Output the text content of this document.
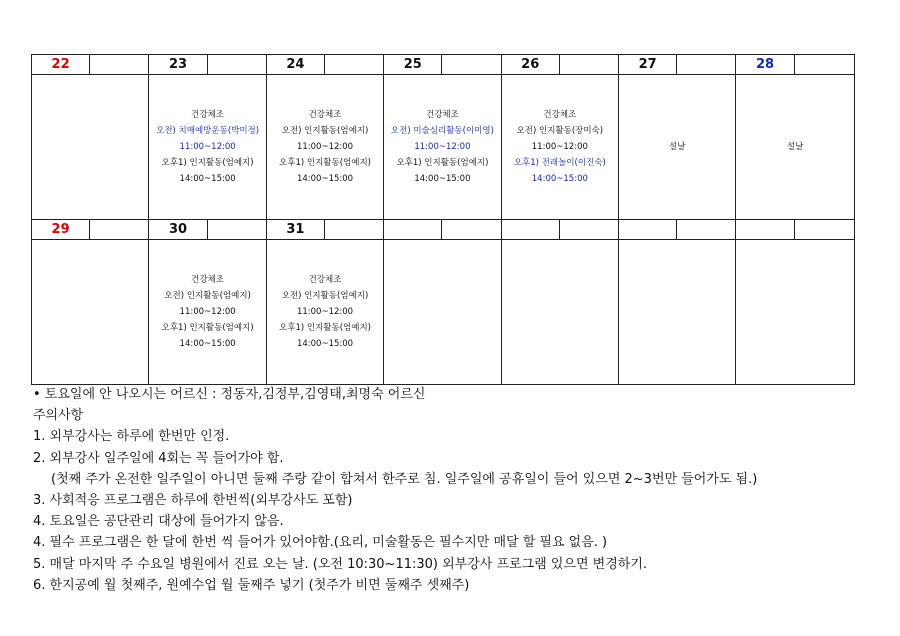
22		23		24		25		26		27		28	

		건강체조
오전) 치매예방운동(박미정)
11:00~12:00
오후1) 인지활동(엄예지)
14:00~15:00		건강체조
오전) 인지활동(엄예지)
11:00~12:00
오후1) 인지활동(엄예지)
14:00~15:00		건강체조
오전) 미술심리활동(이미영)
11:00~12:00
오후1) 인지활동(엄예지)
14:00~15:00		건강체조
오전) 인지활동(장미숙)
11:00~12:00
오후1) 전래놀이(이진숙)
14:00~15:00		설날		설날	

29		30		31									

		건강체조
오전) 인지활동(엄예지)
11:00~12:00
오후1) 인지활동(엄예지)
14:00~15:00		건강체조
오전) 인지활동(엄예지)
11:00~12:00
오후1) 인지활동(엄예지)
14:00~15:00									

• 토요일에 안 나오시는 어르신 : 정동자,김정부,김영태,최명숙 어르신
주의사항
1. 외부강사는 하루에 한번만 인정.
2. 외부강사 일주일에 4회는 꼭 들어가야 함.
(첫째 주가 온전한 일주일이 아니면 둘째 주랑 같이 합쳐서 한주로 침. 일주일에 공휴일이 들어 있으면 2~3번만 들어가도 됨.)
3. 사회적응 프로그램은 하루에 한번씩(외부강사도 포함)
4. 토요일은 공단관리 대상에 들어가지 않음.
4. 필수 프로그램은 한 달에 한번 씩 들어가 있어야함.(요리, 미술활동은 필수지만 매달 할 필요 없음. )
5. 매달 마지막 주 수요일 병원에서 진료 오는 날. (오전 10:30~11:30) 외부강사 프로그램 있으면 변경하기.
6. 한지공예 월 첫째주, 원예수업 월 둘째주 넣기 (첫주가 비면 둘째주 셋째주)
